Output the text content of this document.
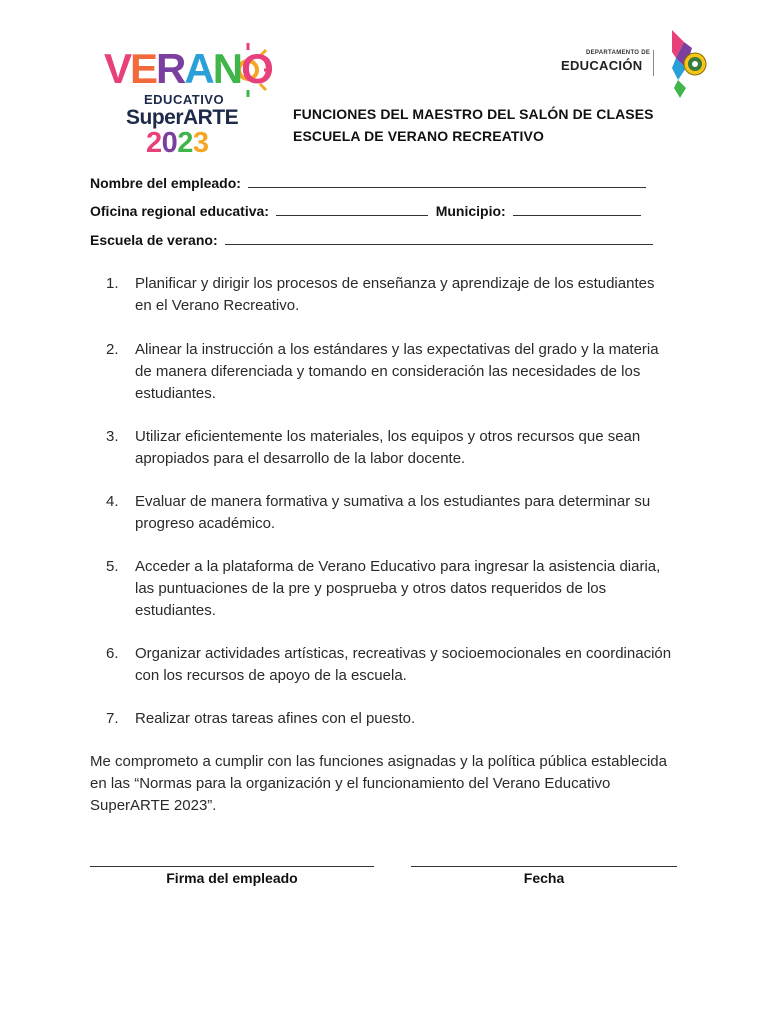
VERANO
EDUCATIVO
SuperARTE
2023
DEPARTAMENTO DE
EDUCACIÓN
FUNCIONES DEL MAESTRO DEL SALÓN DE CLASES
ESCUELA DE VERANO RECREATIVO
Nombre del empleado:
Oficina regional educativa:	Municipio:
Escuela de verano:
1.	Planificar y dirigir los procesos de enseñanza y aprendizaje de los estudiantes en el Verano Recreativo.
2.	Alinear la instrucción a los estándares y las expectativas del grado y la materia de manera diferenciada y tomando en consideración las necesidades de los estudiantes.
3.	Utilizar eficientemente los materiales, los equipos y otros recursos que sean apropiados para el desarrollo de la labor docente.
4.	Evaluar de manera formativa y sumativa a los estudiantes para determinar su progreso académico.
5.	Acceder a la plataforma de Verano Educativo para ingresar la asistencia diaria, las puntuaciones de la pre y posprueba y otros datos requeridos de los estudiantes.
6.	Organizar actividades artísticas, recreativas y socioemocionales en coordinación con los recursos de apoyo de la escuela.
7.	Realizar otras tareas afines con el puesto.
Me comprometo a cumplir con las funciones asignadas y la política pública establecida en las “Normas para la organización y el funcionamiento del Verano Educativo SuperARTE 2023”.
Firma del empleado	Fecha
